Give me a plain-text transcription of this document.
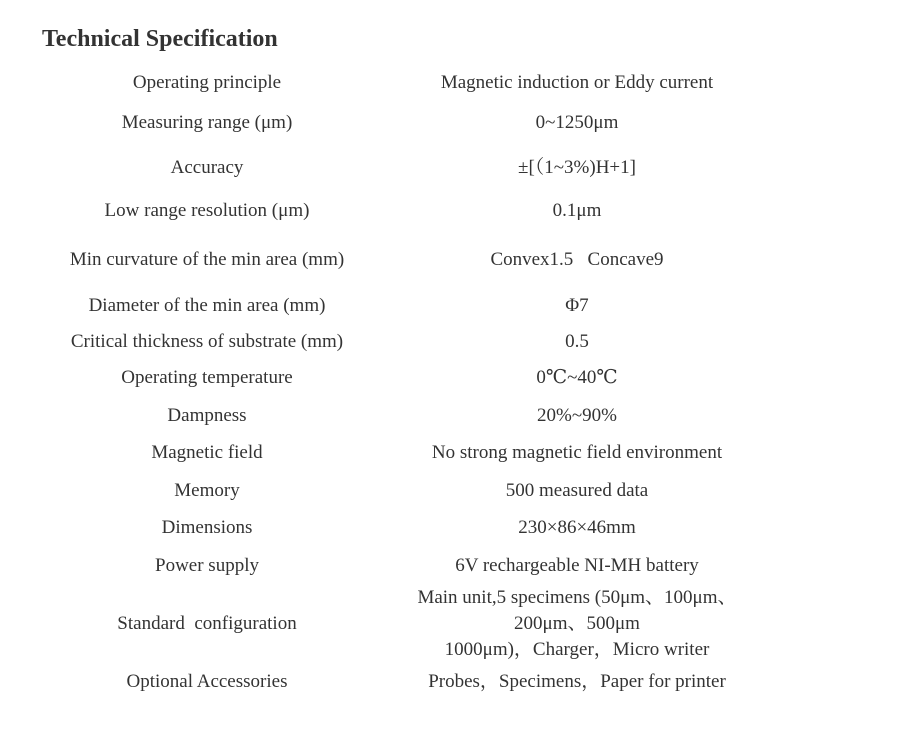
Technical Specification
Operating principle	Magnetic induction or Eddy current
Measuring range (μm)	0~1250μm
Accuracy	±[（1~3%)H+1]
Low range resolution (μm)	0.1μm
Min curvature of the min area (mm)	Convex1.5   Concave9
Diameter of the min area (mm)	Φ7
Critical thickness of substrate (mm)	0.5
Operating temperature	0℃~40℃
Dampness	20%~90%
Magnetic field	No strong magnetic field environment
Memory	500 measured data
Dimensions	230×86×46mm
Power supply	6V rechargeable NI-MH battery
Standard  configuration	Main unit,5 specimens (50μm、100μm、
200μm、500μm
1000μm)，Charger，Micro writer

Optional Accessories	Probes，Specimens，Paper for printer
